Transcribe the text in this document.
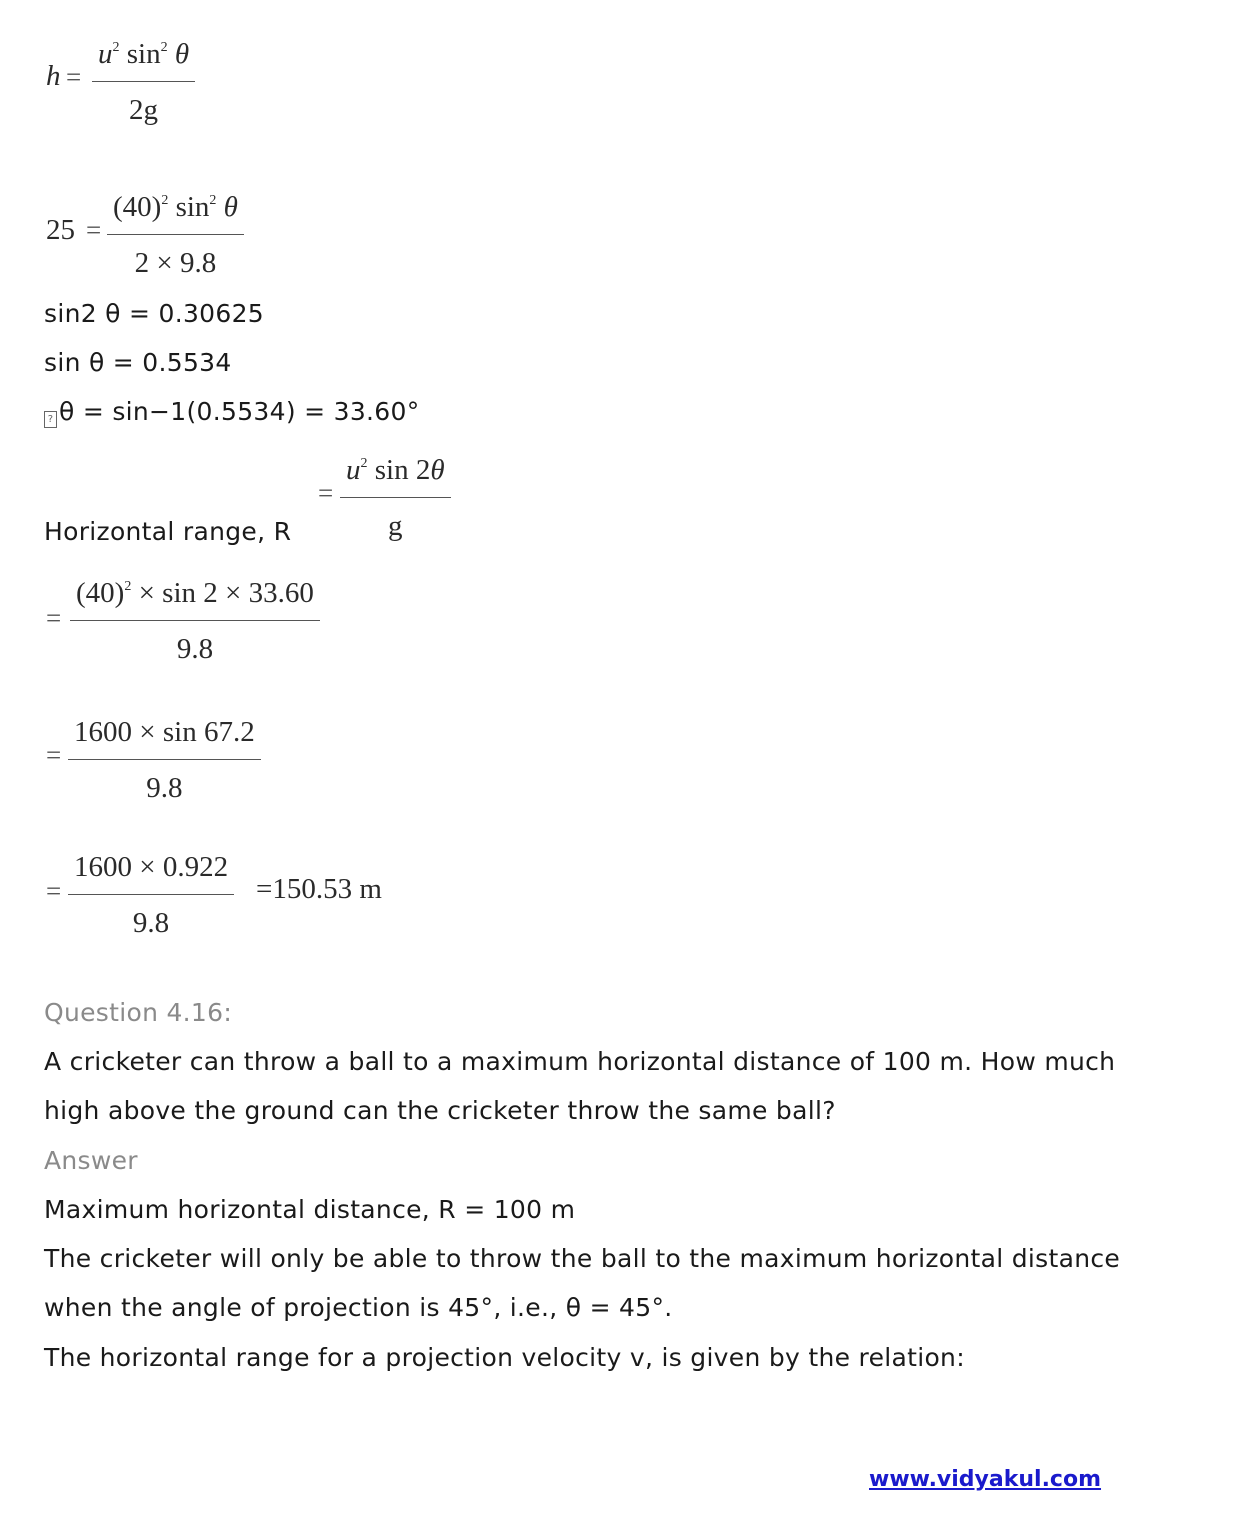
h =
$u^2$ $\sin^2 \theta$
2g
25 =
$(40)^2$ $\sin^2 \theta$
2 × 9.8
sin2 θ = 0.30625
sin θ = 0.5534
? θ = sin−1(0.5534) = 33.60°
Horizontal range, R
=
$u^2$ sin 2θ
g
=
$(40)^2 \times \sin 2 \times 33.60$
9.8
=
1600 × sin 67.2
9.8
=
1600 × 0.922
9.8
=150.53 m
Question 4.16:
A cricketer can throw a ball to a maximum horizontal distance of 100 m. How much
high above the ground can the cricketer throw the same ball?
Answer
Maximum horizontal distance, R = 100 m
The cricketer will only be able to throw the ball to the maximum horizontal distance
when the angle of projection is 45°, i.e., θ = 45°.
The horizontal range for a projection velocity v, is given by the relation:
www.vidyakul.com
